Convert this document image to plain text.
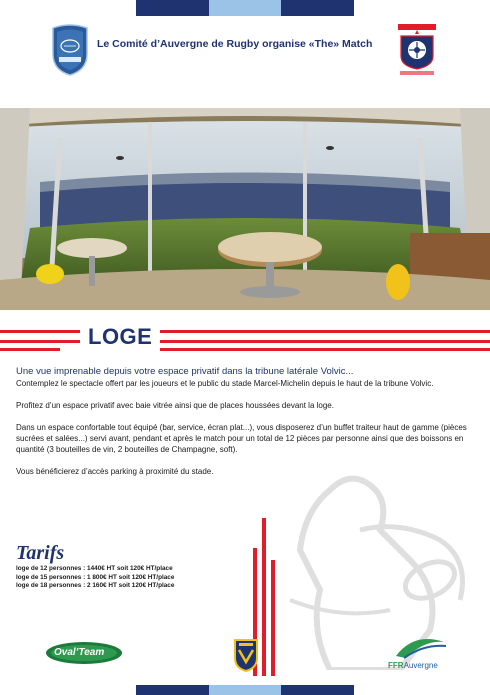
Le Comité d’Auvergne de Rugby organise «The» Match
LOGE
Une vue imprenable depuis votre espace privatif dans la tribune latérale Volvic...
Contemplez le spectacle offert par les joueurs et le public du stade Marcel-Michelin depuis le haut de la tribune Volvic.
Profitez d’un espace privatif avec baie vitrée ainsi que de places houssées devant la loge.
Dans un espace confortable tout équipé (bar, service, écran plat...), vous disposerez d’un buffet traiteur haut de gamme (pièces sucrées et salées...) servi avant, pendant et après le match pour un total de 12 pièces par personne ainsi que des boissons en quantité (3 bouteilles de vin, 2 bouteilles de Champagne, soft).
Vous bénéficierez d’accès parking à proximité du stade.
Tarifs
loge de 12 personnes : 1440€ HT soit 120€ HT/place
loge de 15 personnes : 1 800€ HT soit 120€ HT/place
loge de 18 personnes : 2 160€ HT soit 120€ HT/place
Oval’Team
FFRAuvergne
